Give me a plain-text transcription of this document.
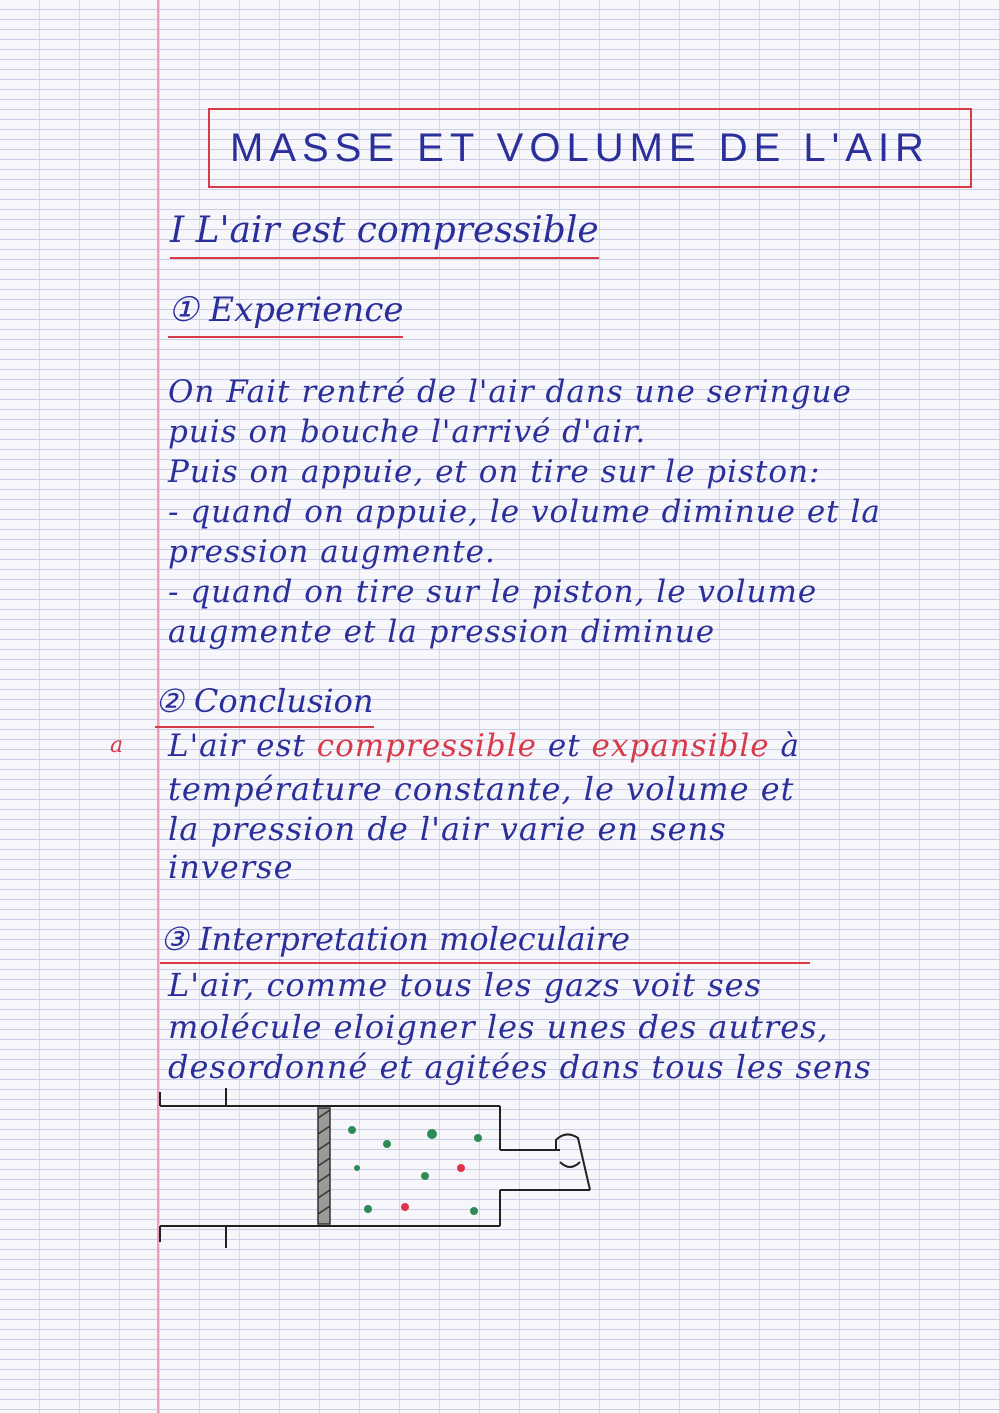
MASSE ET VOLUME DE L'AIR
I L'air est compressible
① Experience
On Fait rentré de l'air dans une seringue
puis on bouche l'arrivé d'air.
Puis on appuie, et on tire sur le piston:
- quand on appuie, le volume diminue et la
pression augmente.
- quand on tire sur le piston, le volume
augmente et la pression diminue
② Conclusion
a L'air est compressible et expansible à
température constante, le volume et
la pression de l'air varie en sens
inverse
③ Interpretation moleculaire
L'air, comme tous les gazs voit ses
molécule eloigner les unes des autres,
desordonné et agitées dans tous les sens
